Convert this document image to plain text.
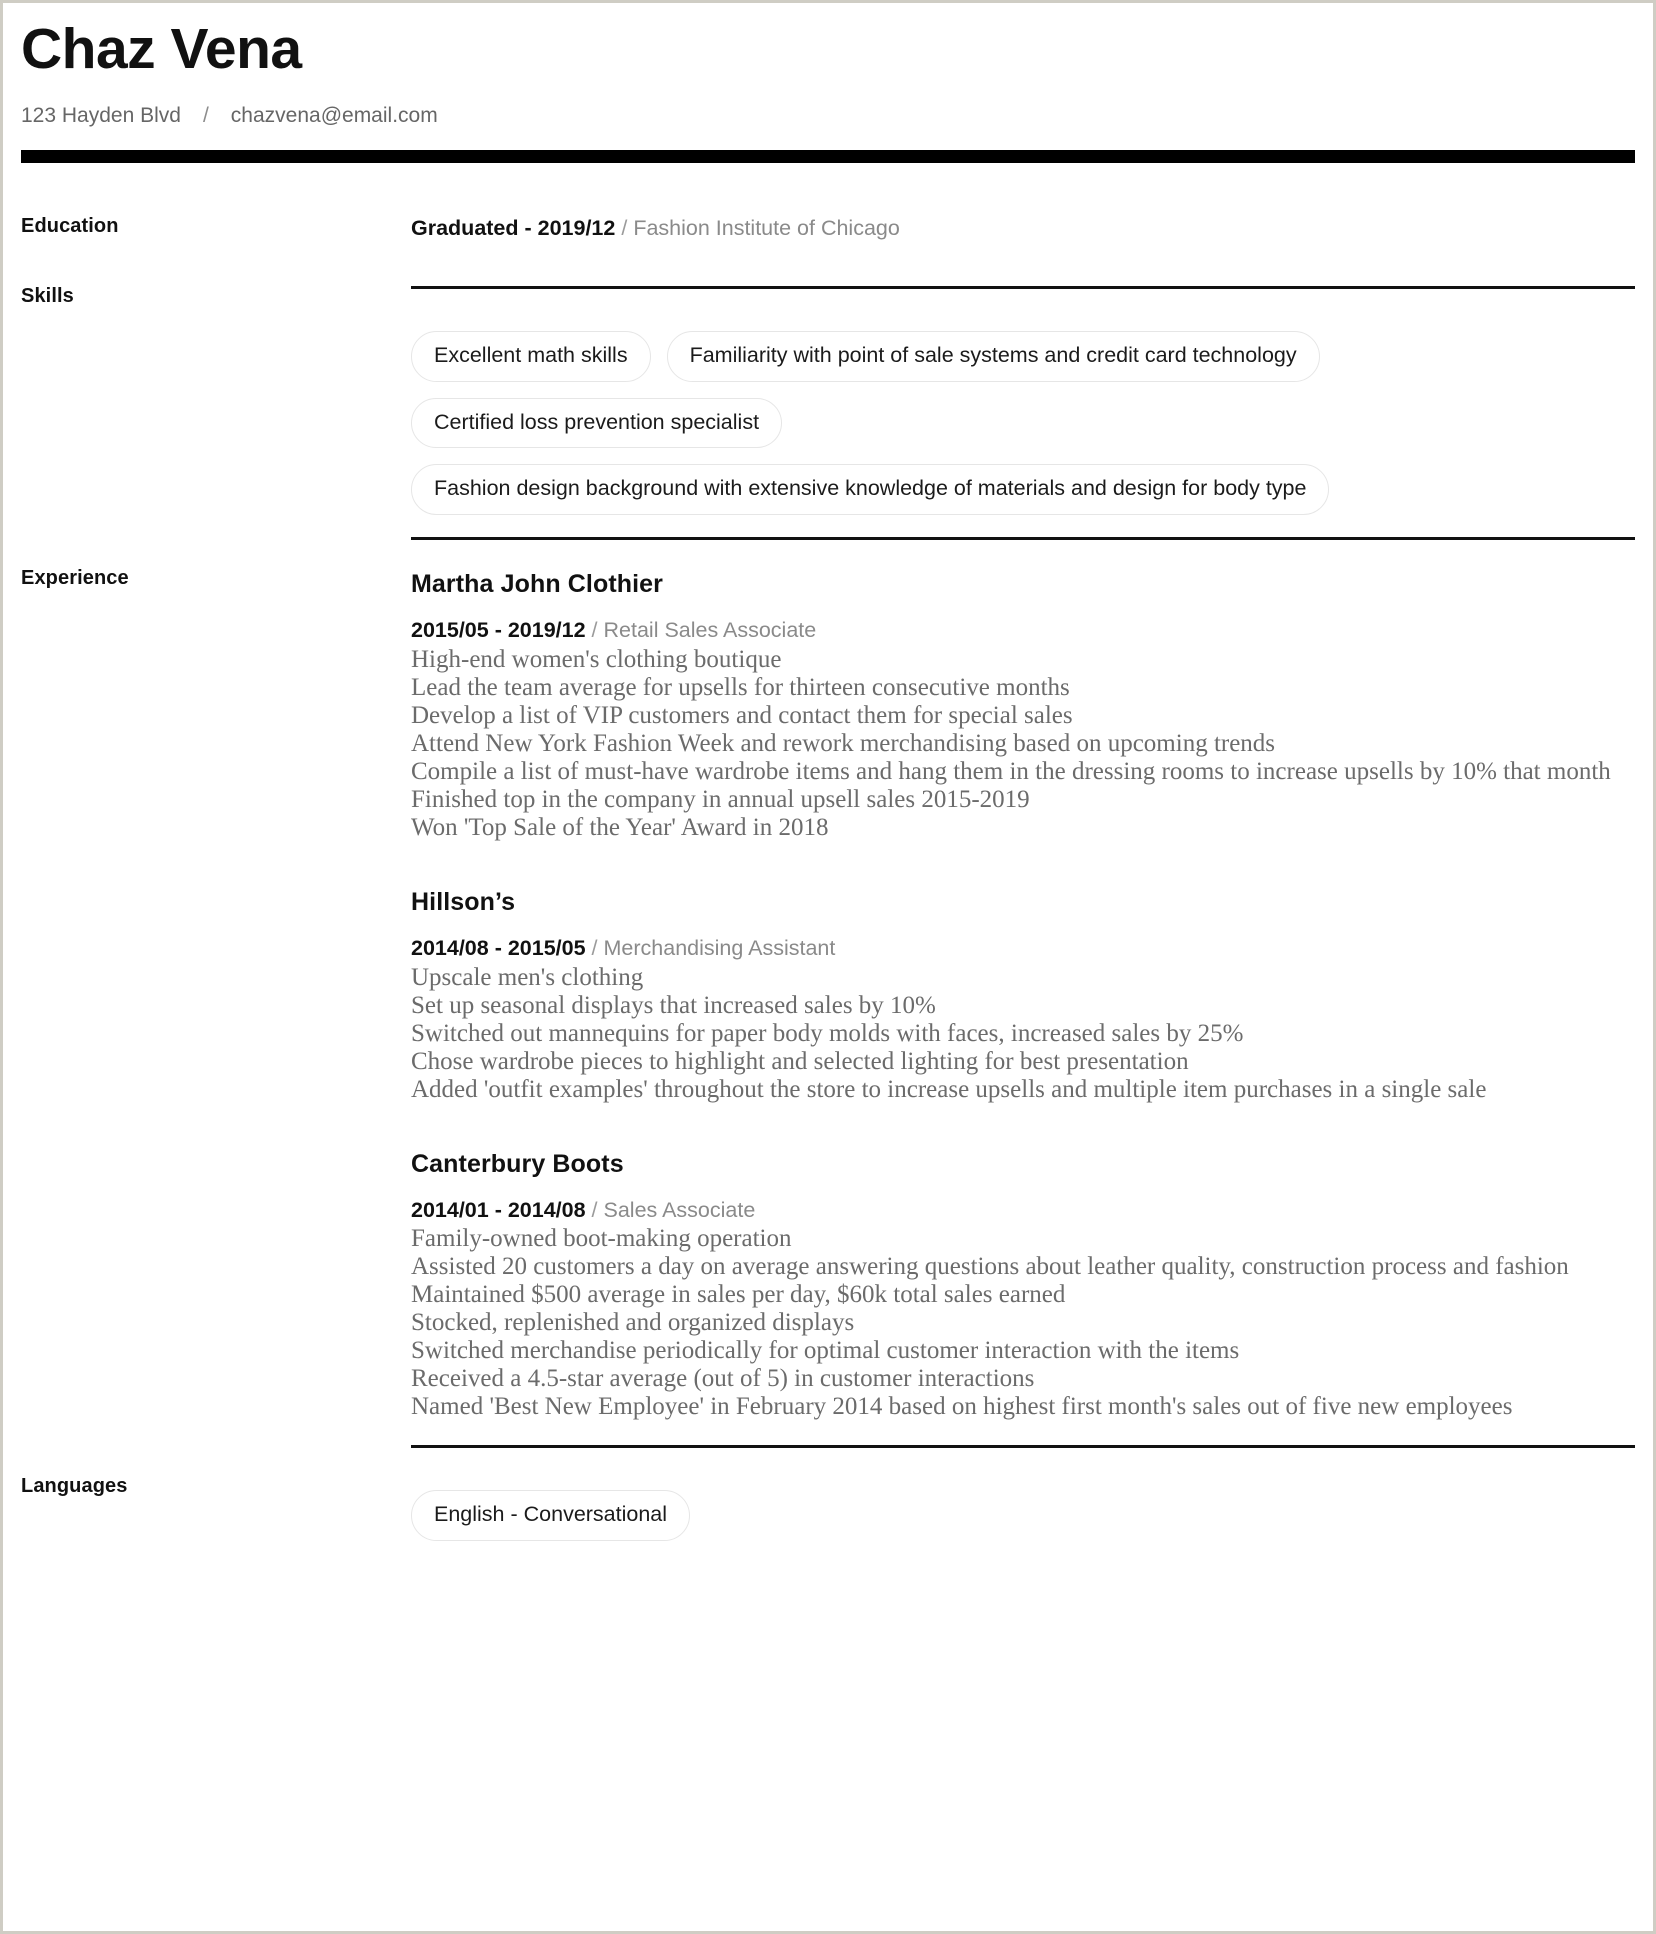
Chaz Vena
123 Hayden Blvd	/	chazvena@email.com
Education
Skills
Graduated - 2019/12 / Fashion Institute of Chicago
Excellent math skills	Familiarity with point of sale systems and credit card technology
Certified loss prevention specialist
Fashion design background with extensive knowledge of materials and design for body type
Experience	Martha John Clothier
2015/05 - 2019/12 / Retail Sales Associate
High-end women's clothing boutique
Lead the team average for upsells for thirteen consecutive months
Develop a list of VIP customers and contact them for special sales
Attend New York Fashion Week and rework merchandising based on upcoming trends
Compile a list of must-have wardrobe items and hang them in the dressing rooms to increase upsells by 10% that month
Finished top in the company in annual upsell sales 2015-2019
Won 'Top Sale of the Year' Award in 2018
Hillson’s
2014/08 - 2015/05 / Merchandising Assistant
Upscale men's clothing
Set up seasonal displays that increased sales by 10%
Switched out mannequins for paper body molds with faces, increased sales by 25%
Chose wardrobe pieces to highlight and selected lighting for best presentation
Added 'outfit examples' throughout the store to increase upsells and multiple item purchases in a single sale
Canterbury Boots
2014/01 - 2014/08 / Sales Associate
Family-owned boot-making operation
Assisted 20 customers a day on average answering questions about leather quality, construction process and fashion
Maintained $500 average in sales per day, $60k total sales earned
Stocked, replenished and organized displays
Switched merchandise periodically for optimal customer interaction with the items
Received a 4.5-star average (out of 5) in customer interactions
Named 'Best New Employee' in February 2014 based on highest first month's sales out of five new employees
Languages
English - Conversational
